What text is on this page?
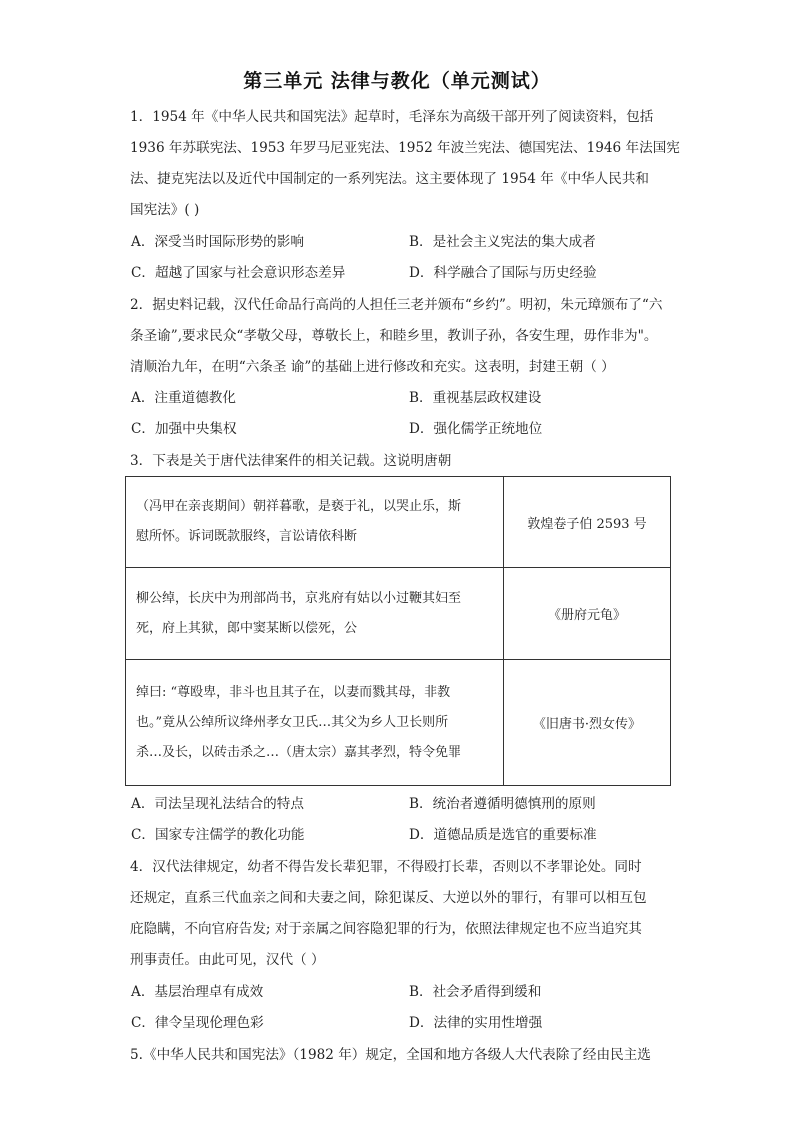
第三单元 法律与教化（单元测试）
1．1954 年《中华人民共和国宪法》起草时，毛泽东为高级干部开列了阅读资料，包括
1936 年苏联宪法、1953 年罗马尼亚宪法、1952 年波兰宪法、德国宪法、1946 年法国宪
法、捷克宪法以及近代中国制定的一系列宪法。这主要体现了 1954 年《中华人民共和
国宪法》( )
A．深受当时国际形势的影响	B．是社会主义宪法的集大成者
C．超越了国家与社会意识形态差异	D．科学融合了国际与历史经验
2．据史料记载，汉代任命品行高尚的人担任三老并颁布“乡约”。明初，朱元璋颁布了“六
条圣谕”,要求民众“孝敬父母，尊敬长上，和睦乡里，教训子孙，各安生理，毋作非为"。
清顺治九年，在明“六条圣 谕”的基础上进行修改和充实。这表明，封建王朝（ ）
A．注重道德教化	B．重视基层政权建设
C．加强中央集权	D．强化儒学正统地位
3．下表是关于唐代法律案件的相关记载。这说明唐朝
（冯甲在亲丧期间）朝祥暮歌，是亵于礼，以哭止乐，斯
慰所怀。诉词既款服终，言讼请依科断	敦煌卷子伯 2593 号

柳公绰，长庆中为刑部尚书，京兆府有姑以小过鞭其妇至
死，府上其狱，郎中窦某断以偿死，公	《册府元龟》

绰曰: “尊殴卑，非斗也且其子在，以妻而戮其母，非教
也。”竟从公绰所议绛州孝女卫氏…其父为乡人卫长则所
杀…及长，以砖击杀之…（唐太宗）嘉其孝烈，特令免罪	《旧唐书·烈女传》
A．司法呈现礼法结合的特点	B．统治者遵循明德慎刑的原则
C．国家专注儒学的教化功能	D．道德品质是选官的重要标准
4．汉代法律规定，幼者不得告发长辈犯罪，不得殴打长辈，否则以不孝罪论处。同时
还规定，直系三代血亲之间和夫妻之间，除犯谋反、大逆以外的罪行，有罪可以相互包
庇隐瞒，不向官府告发; 对于亲属之间容隐犯罪的行为，依照法律规定也不应当追究其
刑事责任。由此可见，汉代（ ）
A．基层治理卓有成效	B．社会矛盾得到缓和
C．律令呈现伦理色彩	D．法律的实用性增强
5.《中华人民共和国宪法》（1982 年）规定，全国和地方各级人大代表除了经由民主选
